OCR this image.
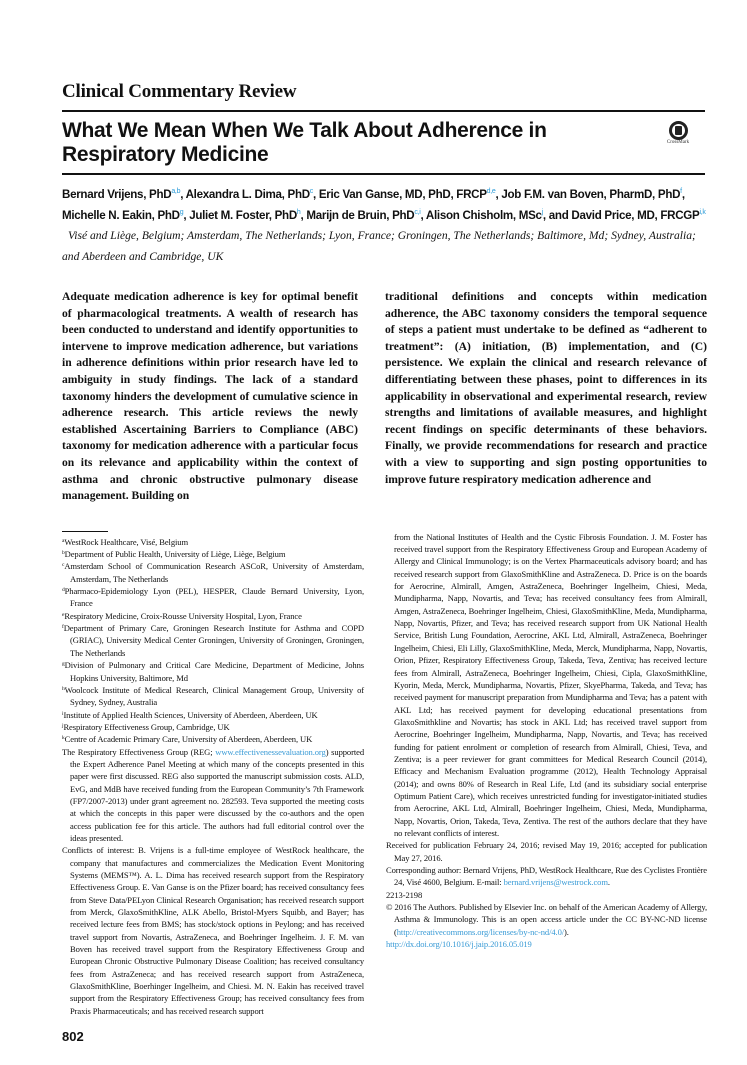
Clinical Commentary Review
What We Mean When We Talk About Adherence in Respiratory Medicine
CrossMark
Bernard Vrijens, PhD$^{a,b}$, Alexandra L. Dima, PhD$^c$, Eric Van Ganse, MD, PhD, FRCP$^{d,e}$, Job F.M. van Boven, PharmD, PhD$^f$, Michelle N. Eakin, PhD$^g$, Juliet M. Foster, PhD$^h$, Marijn de Bruin, PhD$^{c,i}$, Alison Chisholm, MSc$^j$, and David Price, MD, FRCGP$^{i,k}$ Visé and Liège, Belgium; Amsterdam, The Netherlands; Lyon, France; Groningen, The Netherlands; Baltimore, Md; Sydney, Australia; and Aberdeen and Cambridge, UK
Adequate medication adherence is key for optimal benefit of pharmacological treatments. A wealth of research has been conducted to understand and identify opportunities to intervene to improve medication adherence, but variations in adherence definitions within prior research have led to ambiguity in study findings. The lack of a standard taxonomy hinders the development of cumulative science in adherence research. This article reviews the newly established Ascertaining Barriers to Compliance (ABC) taxonomy for medication adherence with a particular focus on its relevance and applicability within the context of asthma and chronic obstructive pulmonary disease management. Building on
traditional definitions and concepts within medication adherence, the ABC taxonomy considers the temporal sequence of steps a patient must undertake to be defined as “adherent to treatment”: (A) initiation, (B) implementation, and (C) persistence. We explain the clinical and research relevance of differentiating between these phases, point to differences in its applicability in observational and experimental research, review strengths and limitations of available measures, and highlight recent findings on specific determinants of these behaviors. Finally, we provide recommendations for research and practice with a view to supporting and sign posting opportunities to improve future respiratory medication adherence and

$^a$WestRock Healthcare, Visé, Belgium

$^b$Department of Public Health, University of Liège, Liège, Belgium

$^c$Amsterdam School of Communication Research ASCoR, University of Amsterdam, Amsterdam, The Netherlands

$^d$Pharmaco-Epidemiology Lyon (PEL), HESPER, Claude Bernard University, Lyon, France

$^e$Respiratory Medicine, Croix-Rousse University Hospital, Lyon, France

$^f$Department of Primary Care, Groningen Research Institute for Asthma and COPD (GRIAC), University Medical Center Groningen, University of Groningen, Groningen, The Netherlands

$^g$Division of Pulmonary and Critical Care Medicine, Department of Medicine, Johns Hopkins University, Baltimore, Md

$^h$Woolcock Institute of Medical Research, Clinical Management Group, University of Sydney, Sydney, Australia

$^i$Institute of Applied Health Sciences, University of Aberdeen, Aberdeen, UK

$^j$Respiratory Effectiveness Group, Cambridge, UK

$^k$Centre of Academic Primary Care, University of Aberdeen, Aberdeen, UK

The Respiratory Effectiveness Group (REG; www.effectivenessevaluation.org) supported the Expert Adherence Panel Meeting at which many of the concepts presented in this paper were first discussed. REG also supported the manuscript submission costs. ALD, EvG, and MdB have received funding from the European Community’s 7th Framework (FP7/2007-2013) under grant agreement no. 282593. Teva supported the meeting costs at which the concepts in this paper were discussed by the co-authors and the open access publication fee for this article. The authors had full editorial control over the ideas presented.

Conflicts of interest: B. Vrijens is a full-time employee of WestRock healthcare, the company that manufactures and commercializes the Medication Event Monitoring Systems (MEMS™). A. L. Dima has received research support from the Respiratory Effectiveness Group. E. Van Ganse is on the Pfizer board; has received consultancy fees from Steve Data/PELyon Clinical Research Organisation; has received research support from Merck, GlaxoSmithKline, ALK Abello, Bristol-Myers Squibb, and Bayer; has received lecture fees from BMS; has stock/stock options in Peylong; and has received travel support from Novartis, AstraZeneca, and Boehringer Ingelheim. J. F. M. van Boven has received travel support from the Respiratory Effectiveness Group and European Chronic Obstructive Pulmonary Disease Coalition; has received consultancy fees from AstraZeneca; and has received research support from AstraZeneca, GlaxoSmithKline, Boerhinger Ingelheim, and Chiesi. M. N. Eakin has received travel support from the Respiratory Effectiveness Group; has received consultancy fees from Praxis Pharmaceuticals; and has received research support

from the National Institutes of Health and the Cystic Fibrosis Foundation. J. M. Foster has received travel support from the Respiratory Effectiveness Group and European Academy of Allergy and Clinical Immunology; is on the Vertex Pharmaceuticals advisory board; and has received research support from GlaxoSmithKline and AstraZeneca. D. Price is on the boards for Aerocrine, Almirall, Amgen, AstraZeneca, Boehringer Ingelheim, Chiesi, Meda, Mundipharma, Napp, Novartis, and Teva; has received consultancy fees from Almirall, Amgen, AstraZeneca, Boehringer Ingelheim, Chiesi, GlaxoSmithKline, Meda, Mundipharma, Napp, Novartis, Pfizer, and Teva; has received research support from UK National Health Service, British Lung Foundation, Aerocrine, AKL Ltd, Almirall, AstraZeneca, Boehringer Ingelheim, Chiesi, Eli Lilly, GlaxoSmithKline, Meda, Merck, Mundipharma, Napp, Novartis, Orion, Pfizer, Respiratory Effectiveness Group, Takeda, Teva, Zentiva; has received lecture fees from Almirall, AstraZeneca, Boehringer Ingelheim, Chiesi, Cipla, GlaxoSmithKline, Kyorin, Meda, Merck, Mundipharma, Novartis, Pfizer, SkyePharma, Takeda, and Teva; has received payment for manuscript preparation from Mundipharma and Teva; has a patent with AKL Ltd; has received payment for developing educational presentations from GlaxoSmithkline and Novartis; has stock in AKL Ltd; has received travel support from Aerocrine, Boehringer Ingelheim, Mundipharma, Napp, Novartis, and Teva; has received funding for patient enrolment or completion of research from Almirall, Chiesi, Teva, and Zentiva; is a peer reviewer for grant committees for Medical Research Council (2014), Efficacy and Mechanism Evaluation programme (2012), Health Technology Appraisal (2014); and owns 80% of Research in Real Life, Ltd (and its subsidiary social enterprise Optimum Patient Care), which receives unrestricted funding for investigator-initiated studies from Aerocrine, AKL Ltd, Almirall, Boehringer Ingelheim, Chiesi, Meda, Mundipharma, Napp, Novartis, Orion, Takeda, Teva, Zentiva. The rest of the authors declare that they have no relevant conflicts of interest.

Received for publication February 24, 2016; revised May 19, 2016; accepted for publication May 27, 2016.

Corresponding author: Bernard Vrijens, PhD, WestRock Healthcare, Rue des Cyclistes Frontière 24, Visé 4600, Belgium. E-mail: bernard.vrijens@westrock.com.

2213-2198

© 2016 The Authors. Published by Elsevier Inc. on behalf of the American Academy of Allergy, Asthma & Immunology. This is an open access article under the CC BY-NC-ND license (http://creativecommons.org/licenses/by-nc-nd/4.0/).

http://dx.doi.org/10.1016/j.jaip.2016.05.019

802
